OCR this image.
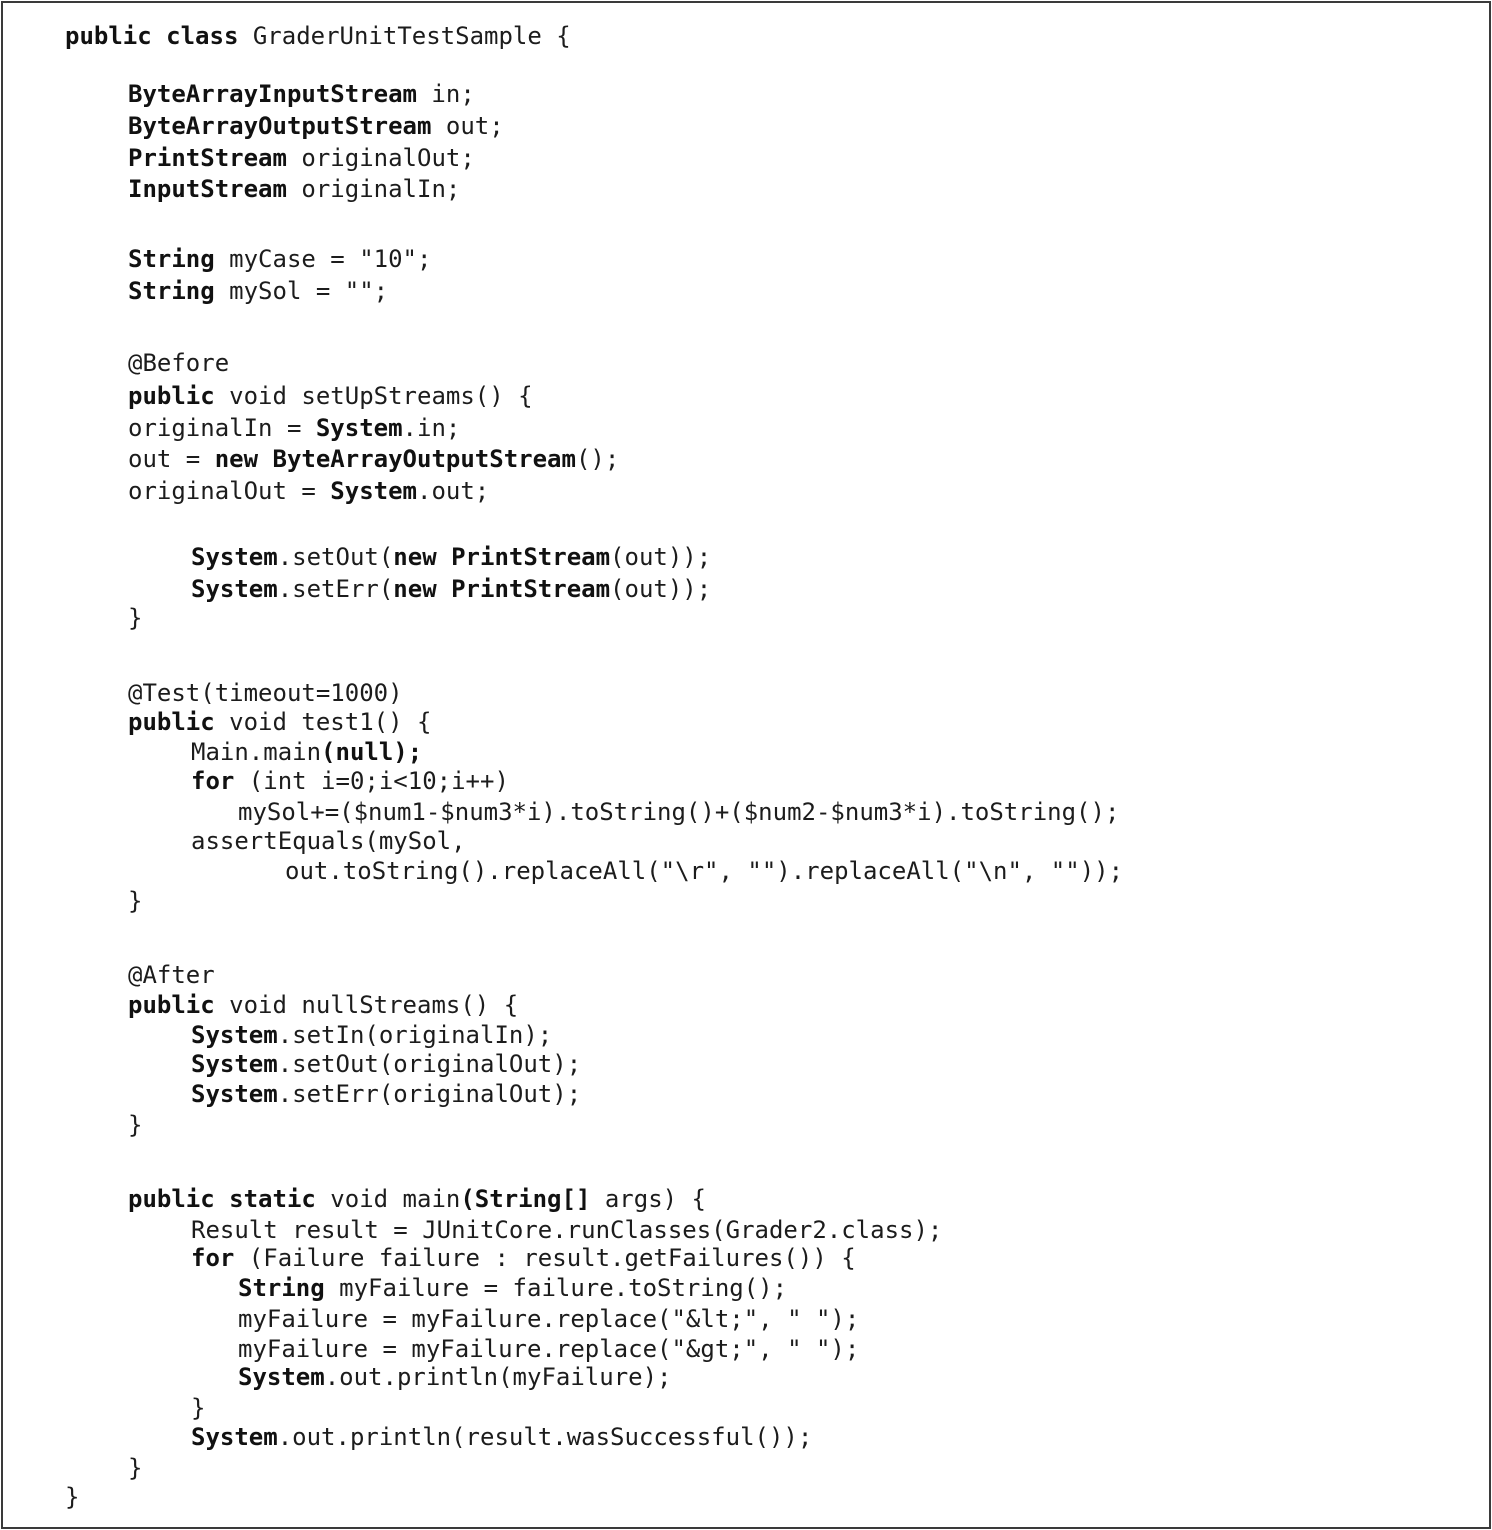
public class GraderUnitTestSample {
ByteArrayInputStream in;
ByteArrayOutputStream out;
PrintStream originalOut;
InputStream originalIn;
String myCase = "10";
String mySol = "";
@Before
public void setUpStreams() {
originalIn = System.in;
out = new ByteArrayOutputStream();
originalOut = System.out;
System.setOut(new PrintStream(out));
System.setErr(new PrintStream(out));
}
@Test(timeout=1000)
public void test1() {
Main.main(null);
for (int i=0;i<10;i++)
mySol+=($num1-$num3*i).toString()+($num2-$num3*i).toString();
assertEquals(mySol,
out.toString().replaceAll("\r", "").replaceAll("\n", ""));
}
@After
public void nullStreams() {
System.setIn(originalIn);
System.setOut(originalOut);
System.setErr(originalOut);
}
public static void main(String[] args) {
Result result = JUnitCore.runClasses(Grader2.class);
for (Failure failure : result.getFailures()) {
String myFailure = failure.toString();
myFailure = myFailure.replace("&lt;", " ");
myFailure = myFailure.replace("&gt;", " ");
System.out.println(myFailure);
}
System.out.println(result.wasSuccessful());
}
}
